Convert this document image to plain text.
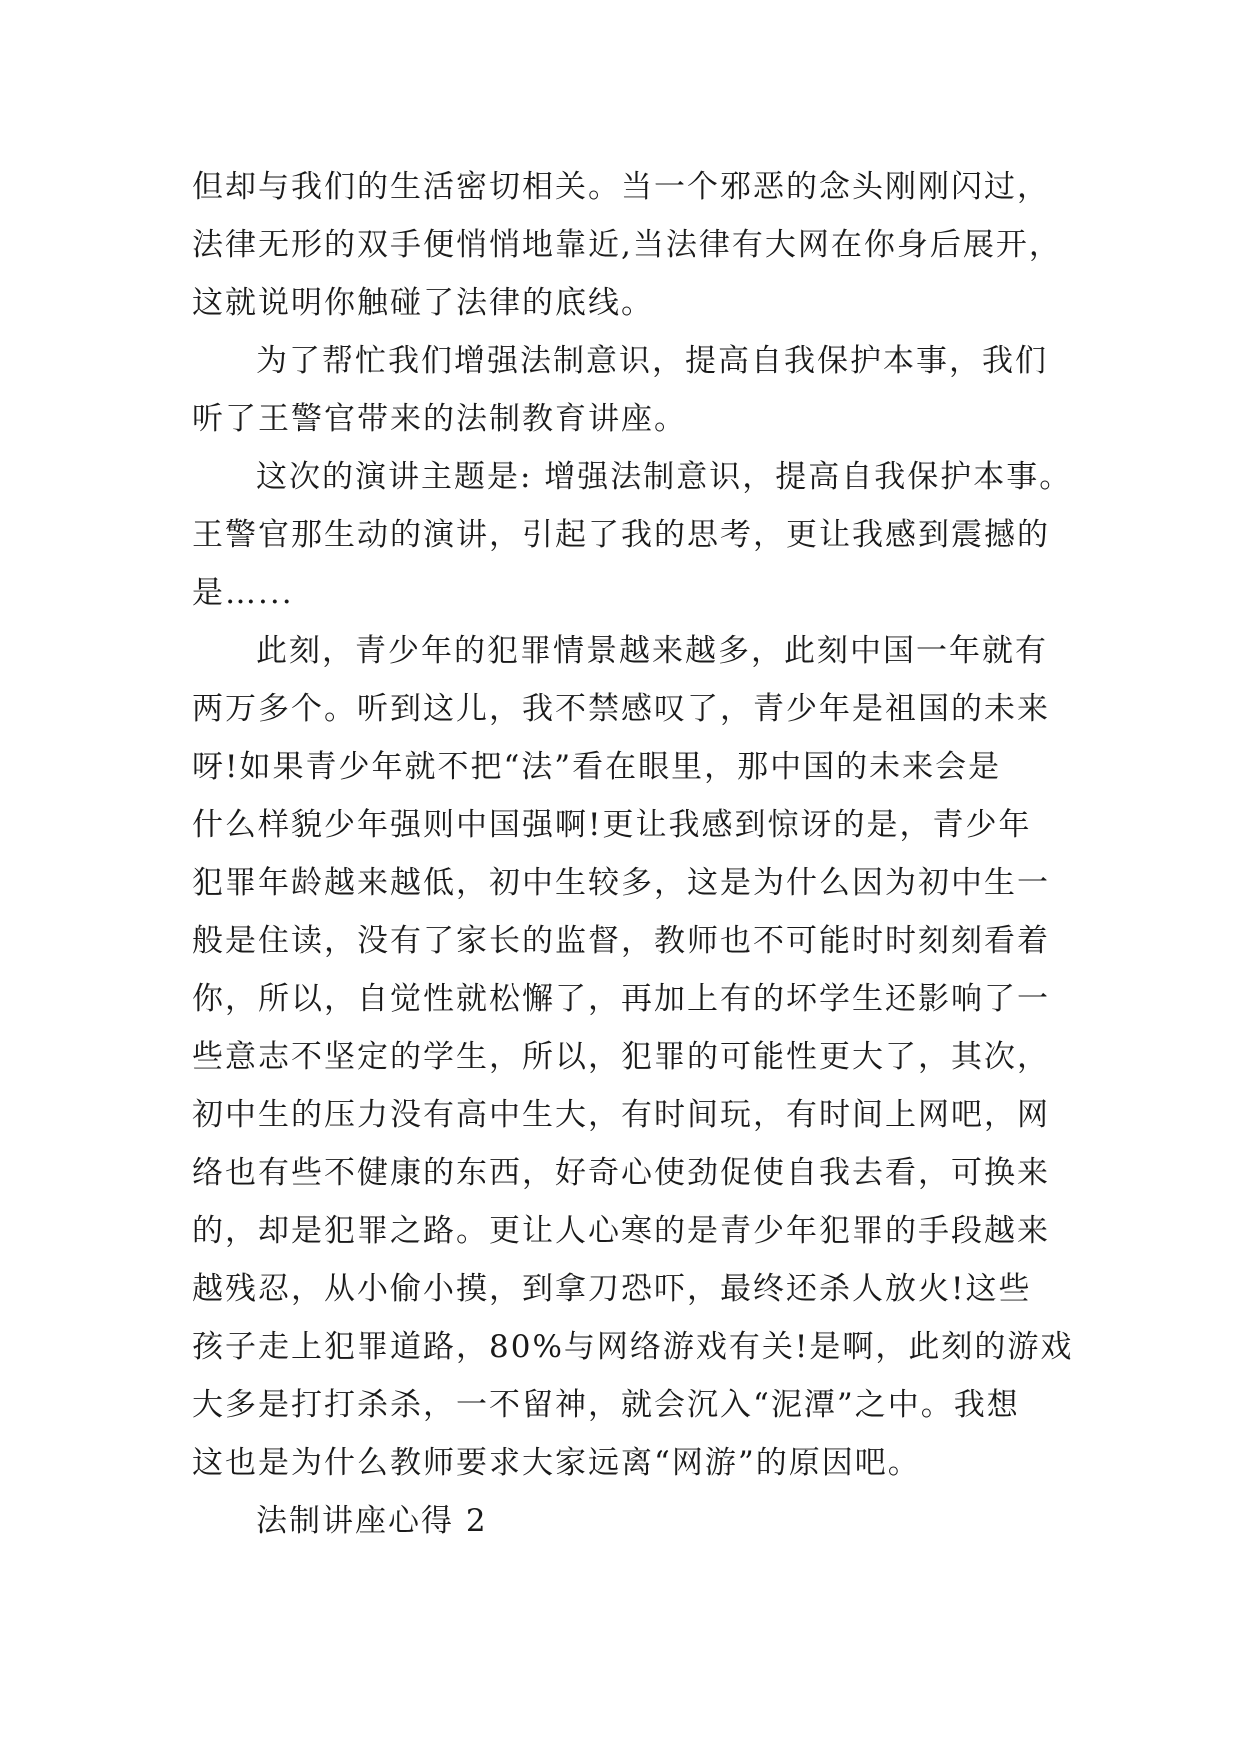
但却与我们的生活密切相关。当一个邪恶的念头刚刚闪过，
法律无形的双手便悄悄地靠近,当法律有大网在你身后展开，
这就说明你触碰了法律的底线。
为了帮忙我们增强法制意识，提高自我保护本事，我们
听了王警官带来的法制教育讲座。
这次的演讲主题是: 增强法制意识，提高自我保护本事。
王警官那生动的演讲，引起了我的思考，更让我感到震撼的
是…...
此刻，青少年的犯罪情景越来越多，此刻中国一年就有
两万多个。听到这儿，我不禁感叹了，青少年是祖国的未来
呀!如果青少年就不把“法”看在眼里，那中国的未来会是
什么样貌少年强则中国强啊!更让我感到惊讶的是，青少年
犯罪年龄越来越低，初中生较多，这是为什么因为初中生一
般是住读，没有了家长的监督，教师也不可能时时刻刻看着
你，所以，自觉性就松懈了，再加上有的坏学生还影响了一
些意志不坚定的学生，所以，犯罪的可能性更大了，其次，
初中生的压力没有高中生大，有时间玩，有时间上网吧，网
络也有些不健康的东西，好奇心使劲促使自我去看，可换来
的，却是犯罪之路。更让人心寒的是青少年犯罪的手段越来
越残忍，从小偷小摸，到拿刀恐吓，最终还杀人放火!这些
孩子走上犯罪道路，80%与网络游戏有关!是啊，此刻的游戏
大多是打打杀杀，一不留神，就会沉入“泥潭”之中。我想
这也是为什么教师要求大家远离“网游”的原因吧。
法制讲座心得 2
